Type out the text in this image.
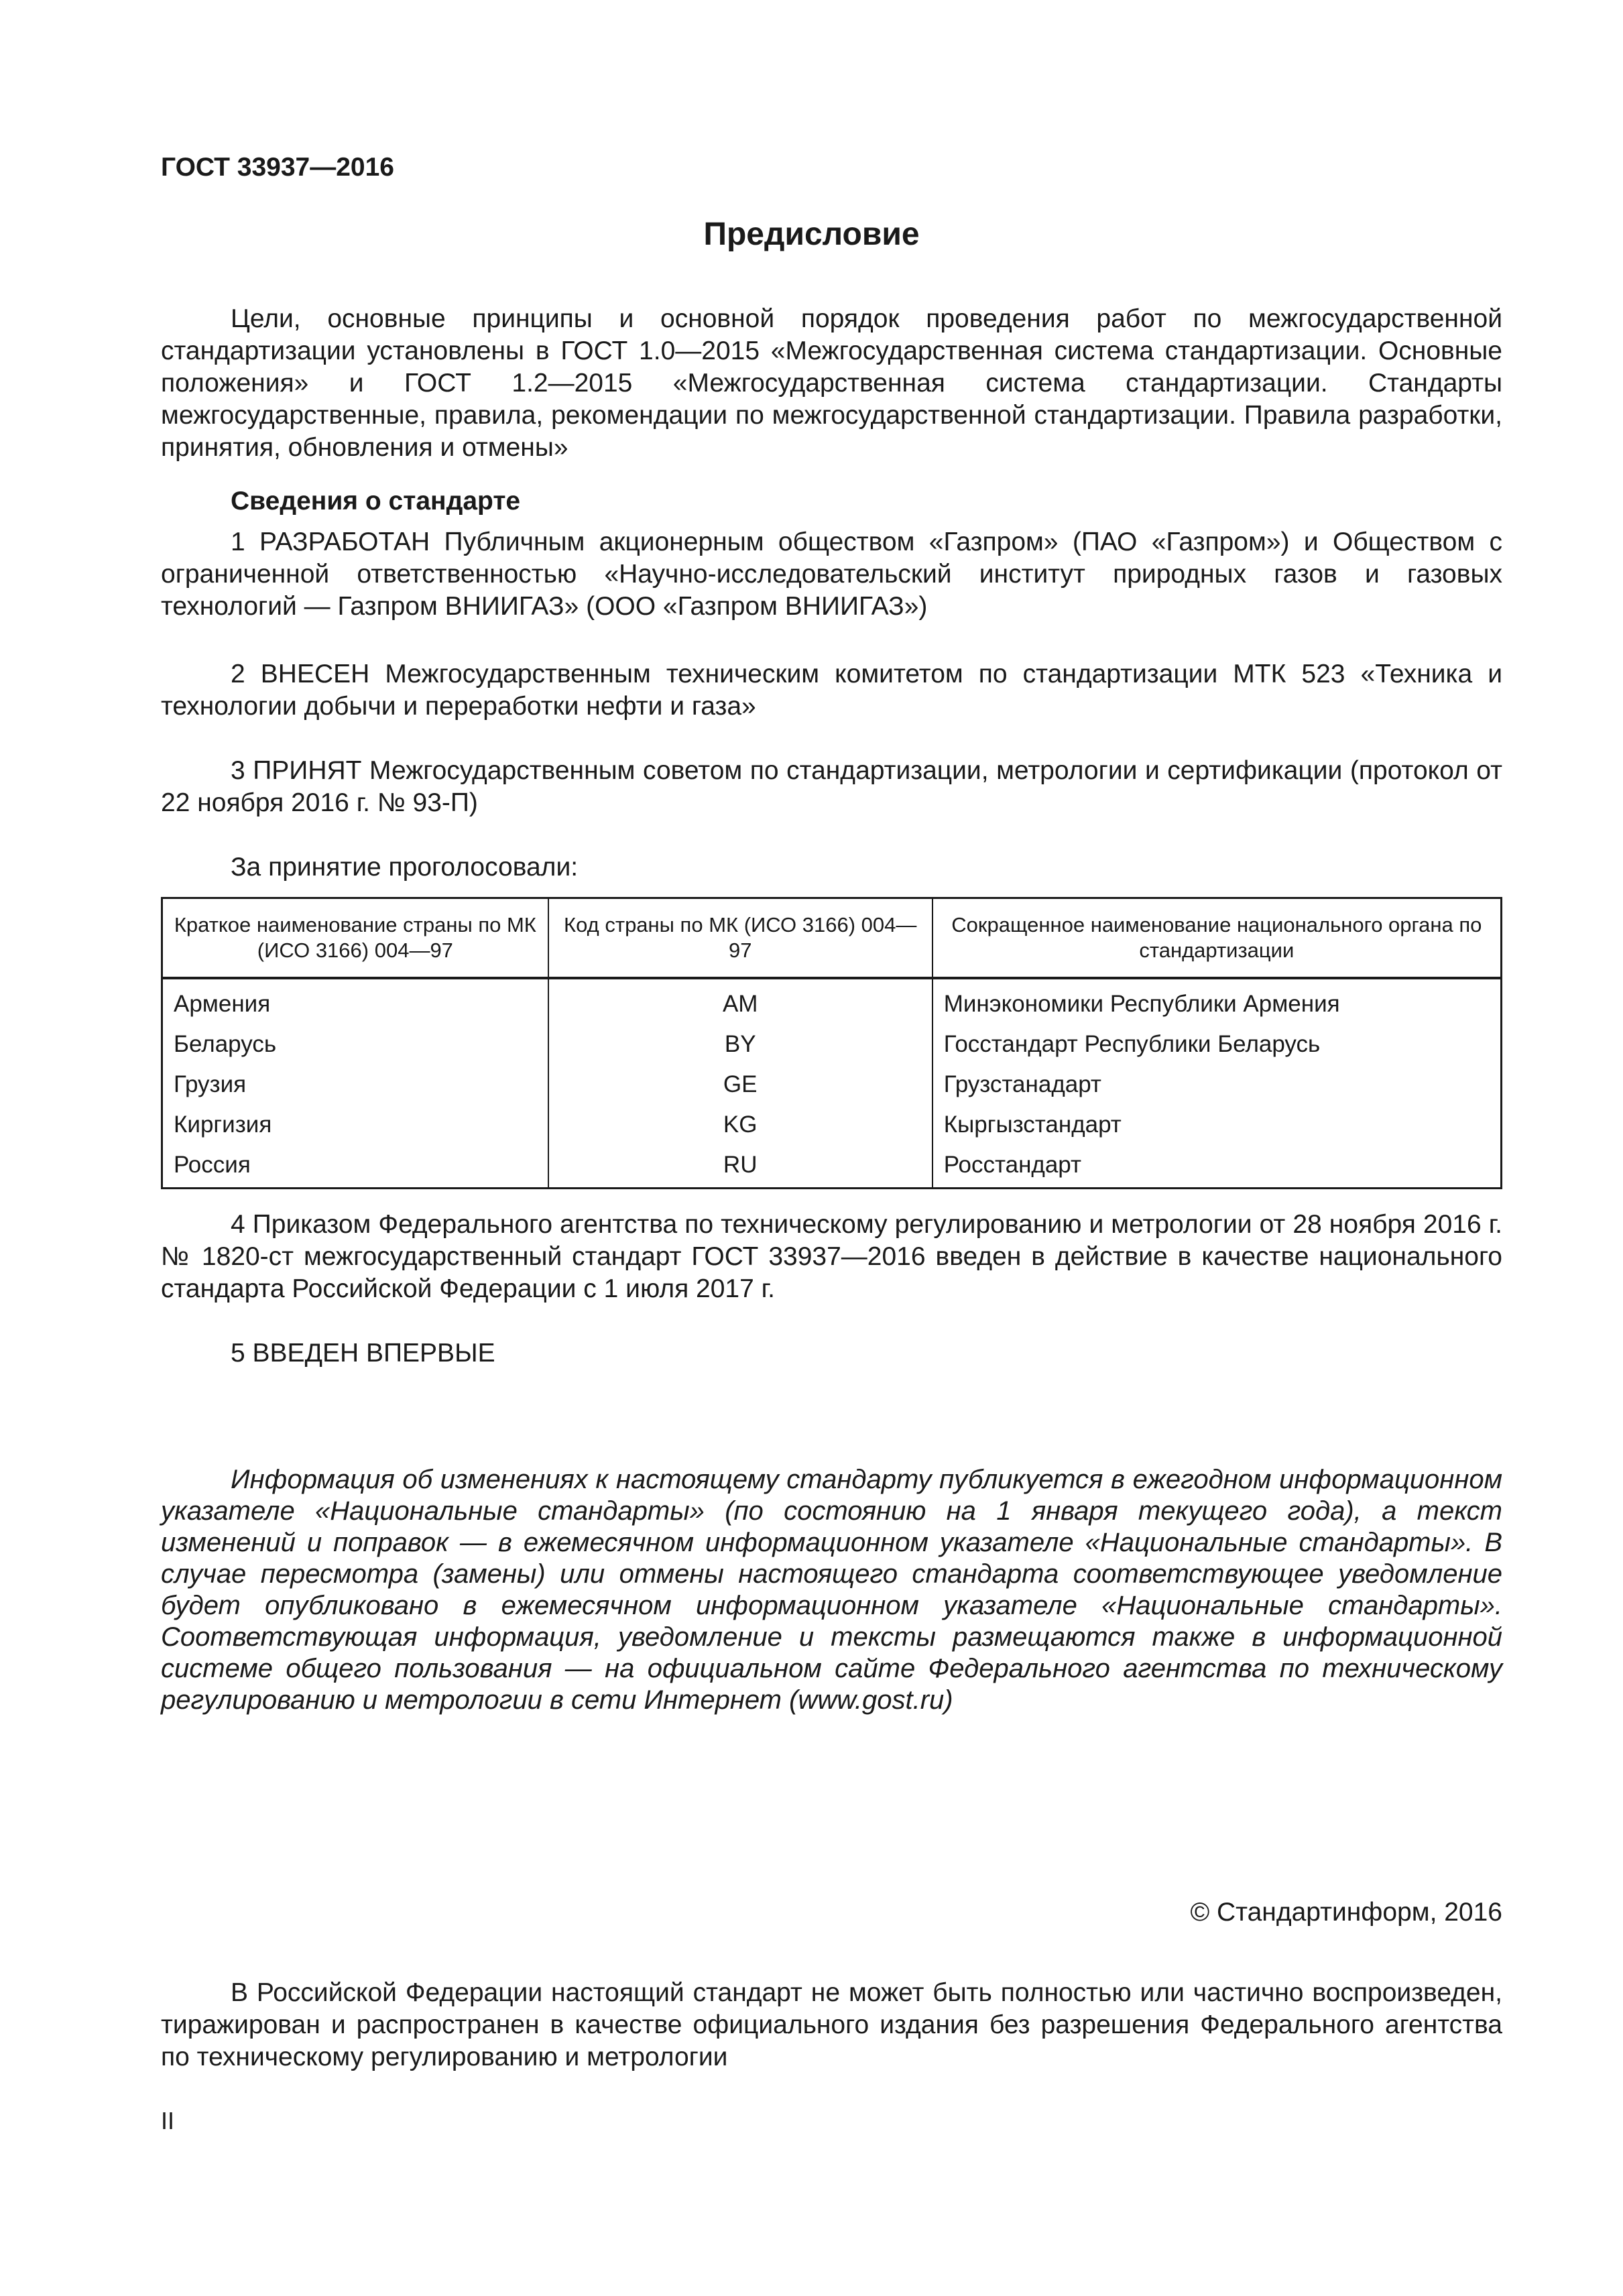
ГОСТ 33937—2016
Предисловие

Цели, основные принципы и основной порядок проведения работ по межгосударственной стандартизации установлены в ГОСТ 1.0—2015 «Межгосударственная система стандартизации. Основные положения» и ГОСТ 1.2—2015 «Межгосударственная система стандартизации. Стандарты межгосударственные, правила, рекомендации по межгосударственной стандартизации. Правила разработки, принятия, обновления и отмены»

Сведения о стандарте

1 РАЗРАБОТАН Публичным акционерным обществом «Газпром» (ПАО «Газпром») и Обществом с ограниченной ответственностью «Научно-исследовательский институт природных газов и газовых технологий — Газпром ВНИИГАЗ» (ООО «Газпром ВНИИГАЗ»)

2 ВНЕСЕН Межгосударственным техническим комитетом по стандартизации МТК 523 «Техника и технологии добычи и переработки нефти и газа»

3 ПРИНЯТ Межгосударственным советом по стандартизации, метрологии и сертификации (протокол от 22 ноября 2016 г. № 93-П)

За принятие проголосовали:
Краткое наименование страны по МК (ИСО 3166) 004—97	Код страны по МК (ИСО 3166) 004—97	Сокращенное наименование национального органа по стандартизации
Армения	AM	Минэкономики Республики Армения
Беларусь	BY	Госстандарт Республики Беларусь
Грузия	GE	Грузстанадарт
Киргизия	KG	Кыргызстандарт
Россия	RU	Росстандарт

4 Приказом Федерального агентства по техническому регулированию и метрологии от 28 ноября 2016 г. № 1820-ст межгосударственный стандарт ГОСТ 33937—2016 введен в действие в качестве национального стандарта Российской Федерации с 1 июля 2017 г.

5 ВВЕДЕН ВПЕРВЫЕ

Информация об изменениях к настоящему стандарту публикуется в ежегодном информационном указателе «Национальные стандарты» (по состоянию на 1 января текущего года), а текст изменений и поправок — в ежемесячном информационном указателе «Национальные стандарты». В случае пересмотра (замены) или отмены настоящего стандарта соответствующее уведомление будет опубликовано в ежемесячном информационном указателе «Национальные стандарты». Соответствующая информация, уведомление и тексты размещаются также в информационной системе общего пользования — на официальном сайте Федерального агентства по техническому регулированию и метрологии в сети Интернет (www.gost.ru)

© Стандартинформ, 2016

В Российской Федерации настоящий стандарт не может быть полностью или частично воспроизведен, тиражирован и распространен в качестве официального издания без разрешения Федерального агентства по техническому регулированию и метрологии

II
